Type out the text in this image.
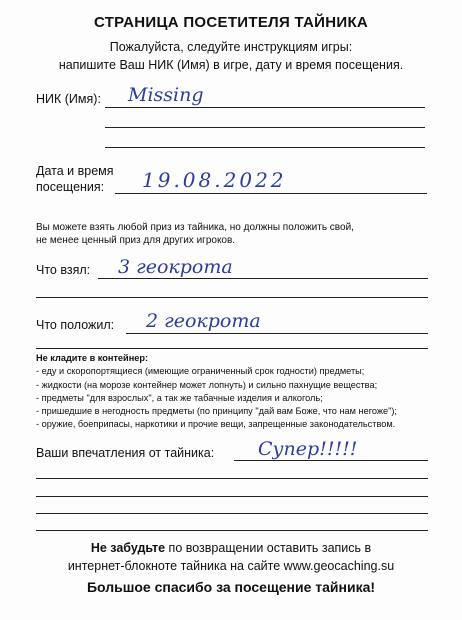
СТРАНИЦА ПОСЕТИТЕЛЯ ТАЙНИКА
Пожалуйста, следуйте инструкциям игры:
напишите Ваш НИК (Имя) в игре, дату и время посещения.
НИК (Имя): Missing
Дата и время
посещения:	19.08.2022
Вы можете взять любой приз из тайника, но должны положить свой,
не менее ценный приз для других игроков.
Что взял: 3 геокрота
Что положил: 2 геокрота
Не кладите в контейнер:
- еду и скоропортящиеся (имеющие ограниченный срок годности) предметы;
- жидкости (на морозе контейнер может лопнуть) и сильно пахнущие вещества;
- предметы "для взрослых", а так же табачные изделия и алкоголь;
- пришедшие в негодность предметы (по принципу "дай вам Боже, что нам негоже");
- оружие, боеприпасы, наркотики и прочие вещи, запрещенные законодательством.
Ваши впечатления от тайника: Супер!!!!!
Не забудьте по возвращении оставить запись в
интернет-блокноте тайника на сайте www.geocaching.su
Большое спасибо за посещение тайника!
